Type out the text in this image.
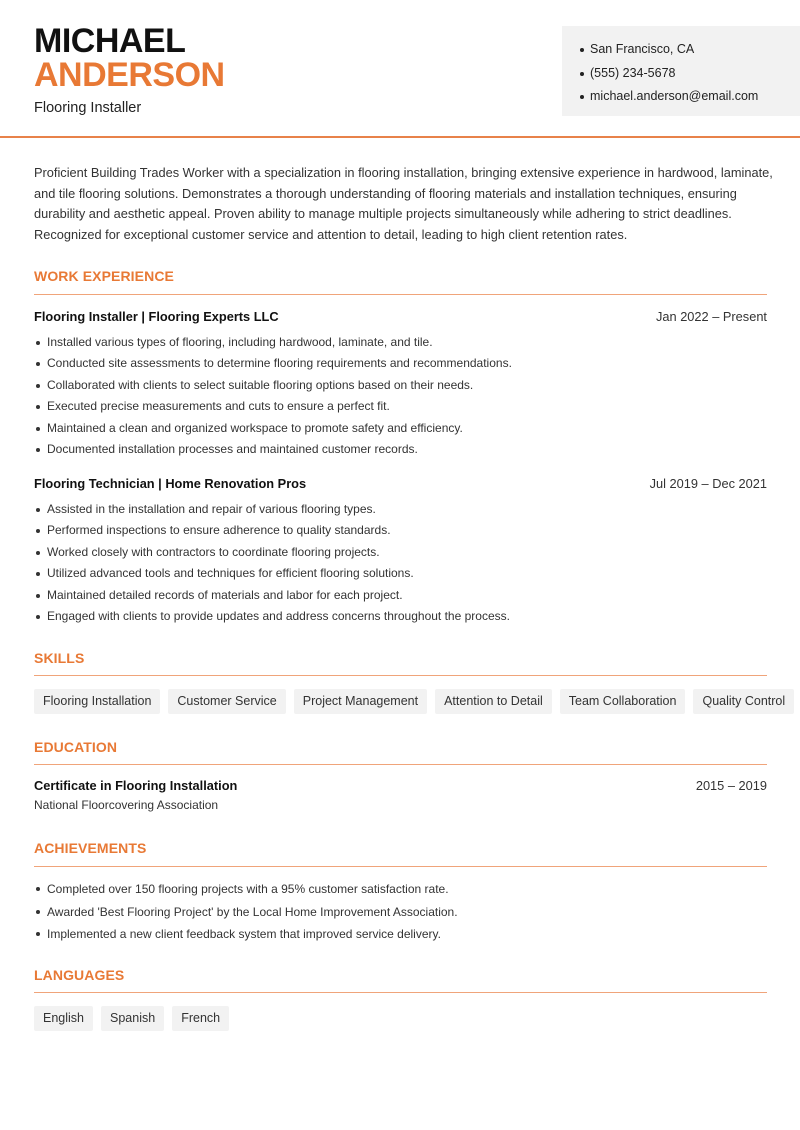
MICHAEL
ANDERSON
Flooring Installer
San Francisco, CA
(555) 234-5678
michael.anderson@email.com

Proficient Building Trades Worker with a specialization in flooring installation, bringing extensive experience in hardwood, laminate, and tile flooring solutions. Demonstrates a thorough understanding of flooring materials and installation techniques, ensuring durability and aesthetic appeal. Proven ability to manage multiple projects simultaneously while adhering to strict deadlines. Recognized for exceptional customer service and attention to detail, leading to high client retention rates.

WORK EXPERIENCE
Flooring Installer | Flooring Experts LLC	Jan 2022 – Present
Installed various types of flooring, including hardwood, laminate, and tile.
Conducted site assessments to determine flooring requirements and recommendations.
Collaborated with clients to select suitable flooring options based on their needs.
Executed precise measurements and cuts to ensure a perfect fit.
Maintained a clean and organized workspace to promote safety and efficiency.
Documented installation processes and maintained customer records.
Flooring Technician | Home Renovation Pros	Jul 2019 – Dec 2021
Assisted in the installation and repair of various flooring types.
Performed inspections to ensure adherence to quality standards.
Worked closely with contractors to coordinate flooring projects.
Utilized advanced tools and techniques for efficient flooring solutions.
Maintained detailed records of materials and labor for each project.
Engaged with clients to provide updates and address concerns throughout the process.
SKILLS
Flooring Installation	Customer Service	Project Management	Attention to Detail	Team Collaboration	Quality Control
EDUCATION
Certificate in Flooring Installation	2015 – 2019
National Floorcovering Association
ACHIEVEMENTS
Completed over 150 flooring projects with a 95% customer satisfaction rate.
Awarded 'Best Flooring Project' by the Local Home Improvement Association.
Implemented a new client feedback system that improved service delivery.
LANGUAGES
English	Spanish	French
